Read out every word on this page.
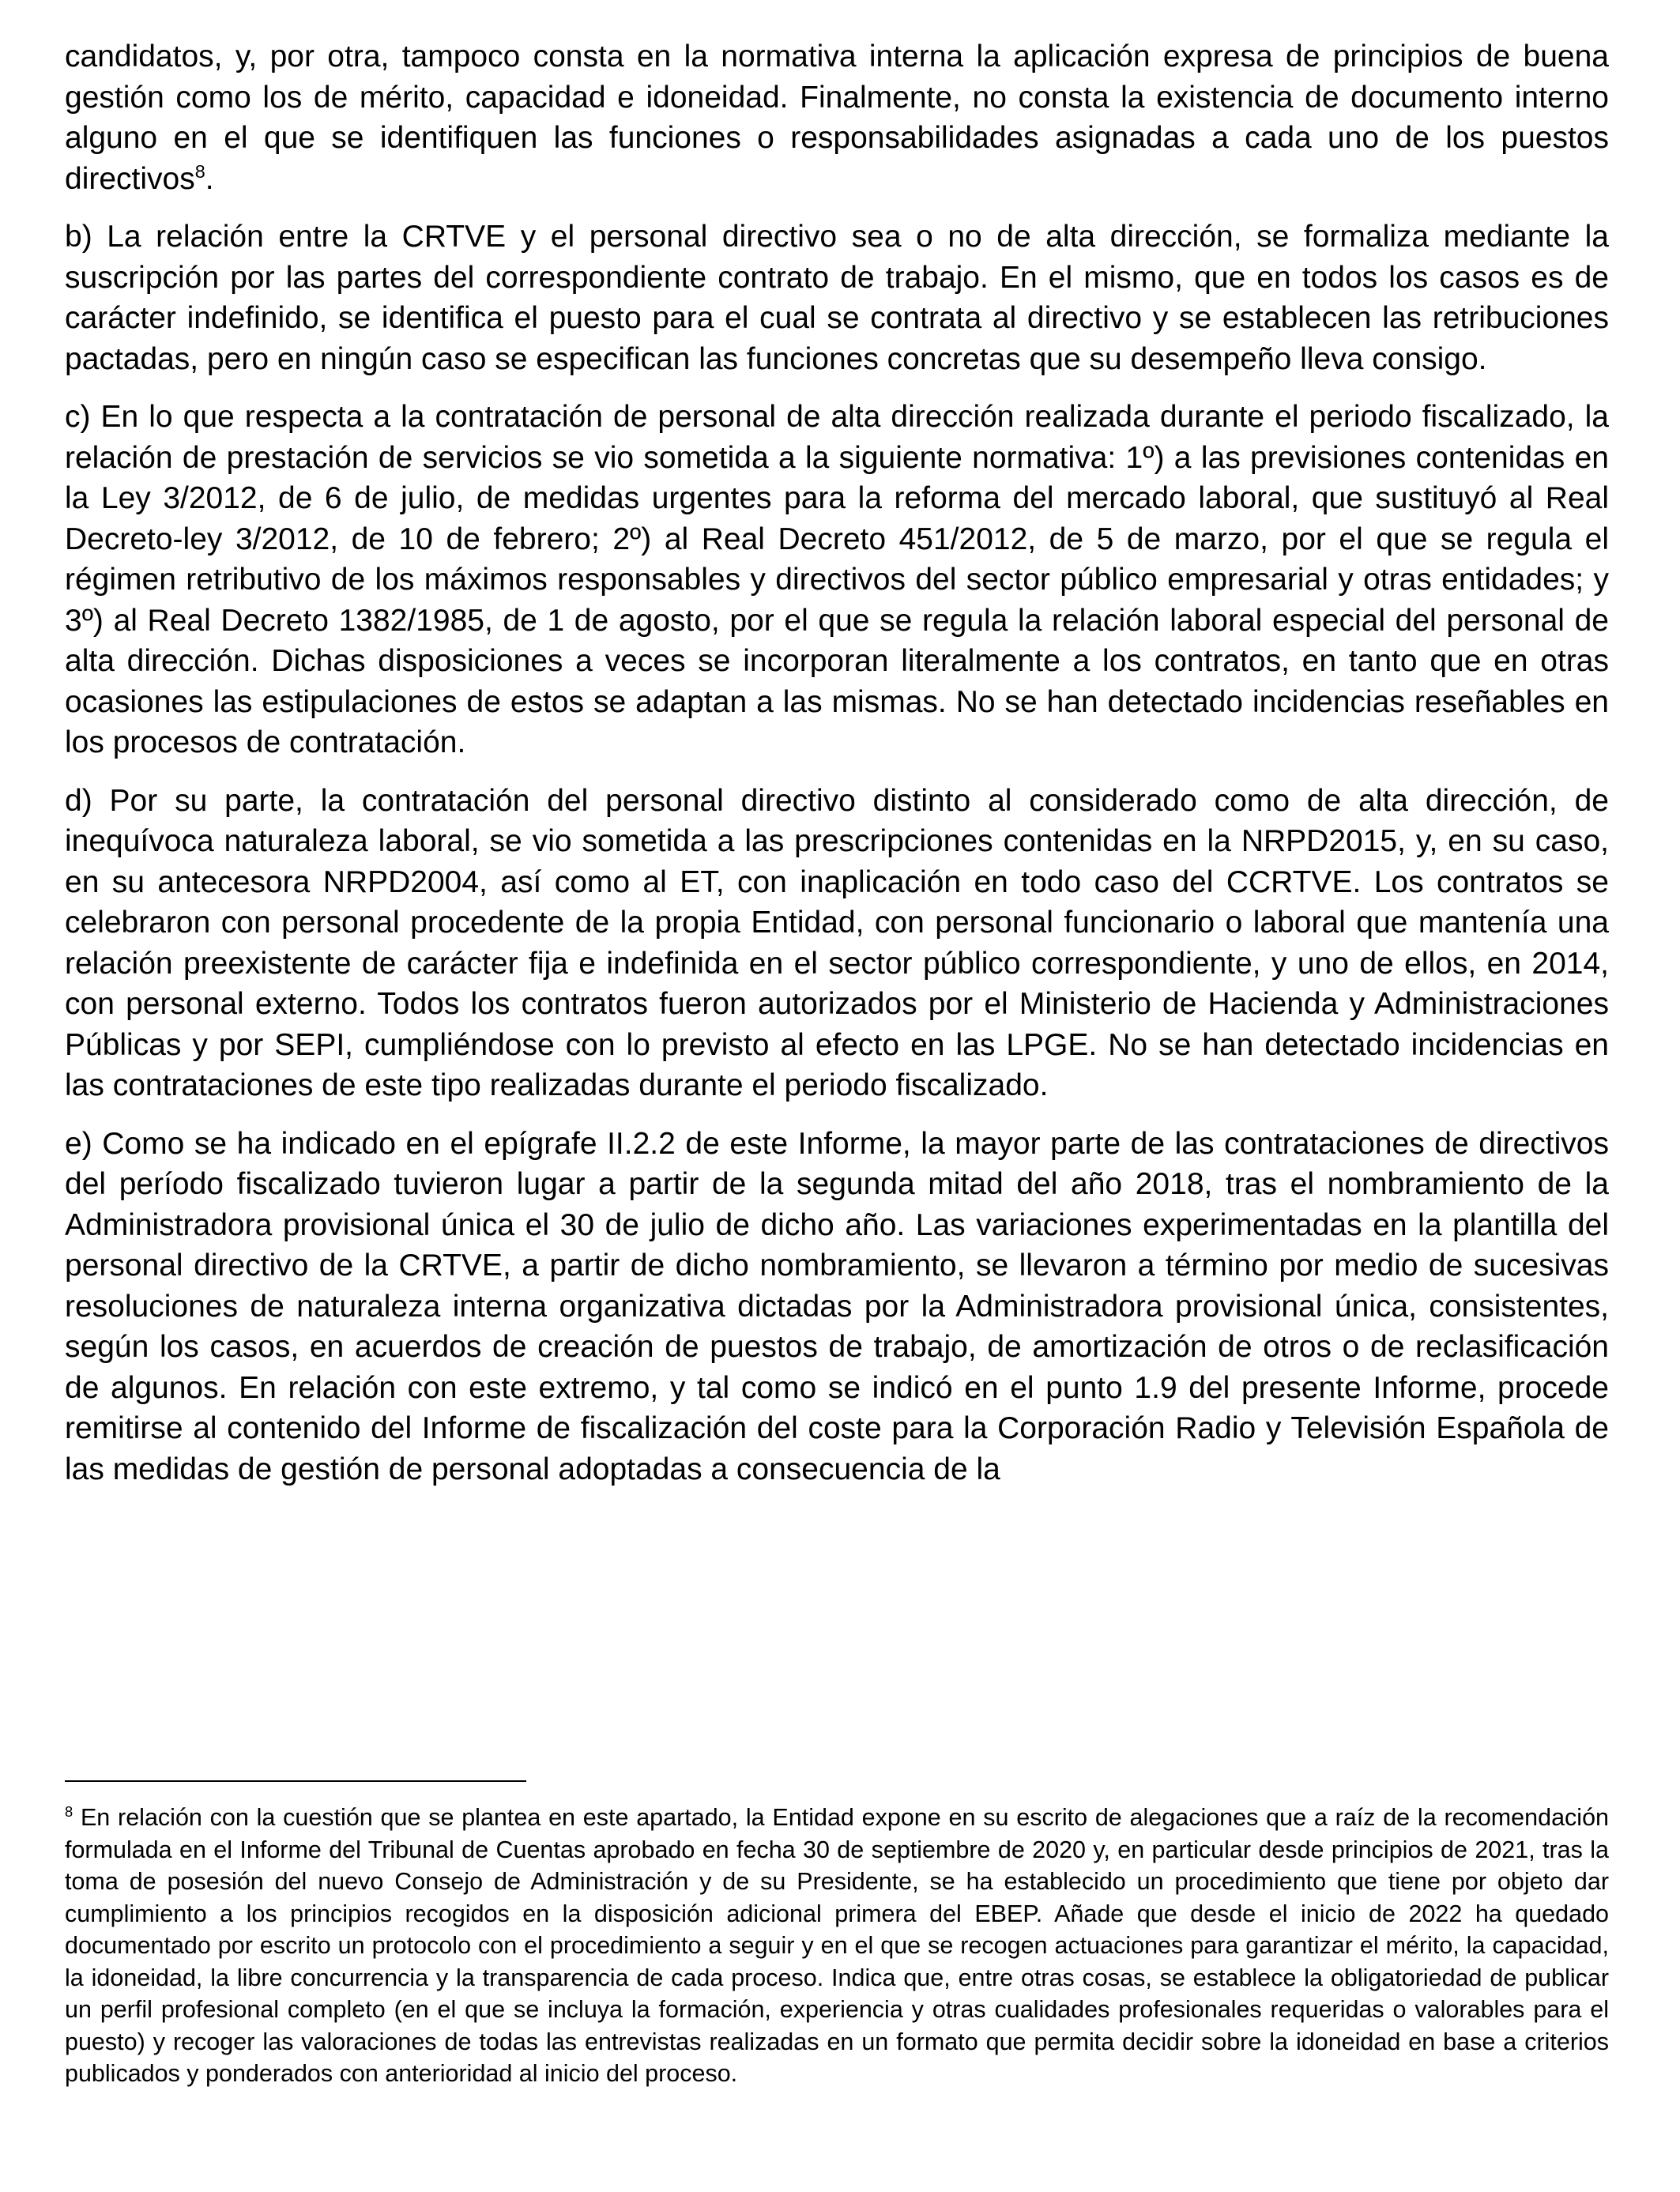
candidatos, y, por otra, tampoco consta en la normativa interna la aplicación expresa de principios de buena gestión como los de mérito, capacidad e idoneidad. Finalmente, no consta la existencia de documento interno alguno en el que se identifiquen las funciones o responsabilidades asignadas a cada uno de los puestos directivos$^8$.

b) La relación entre la CRTVE y el personal directivo sea o no de alta dirección, se formaliza mediante la suscripción por las partes del correspondiente contrato de trabajo. En el mismo, que en todos los casos es de carácter indefinido, se identifica el puesto para el cual se contrata al directivo y se establecen las retribuciones pactadas, pero en ningún caso se especifican las funciones concretas que su desempeño lleva consigo.

c) En lo que respecta a la contratación de personal de alta dirección realizada durante el periodo fiscalizado, la relación de prestación de servicios se vio sometida a la siguiente normativa: 1º) a las previsiones contenidas en la Ley 3/2012, de 6 de julio, de medidas urgentes para la reforma del mercado laboral, que sustituyó al Real Decreto-ley 3/2012, de 10 de febrero; 2º) al Real Decreto 451/2012, de 5 de marzo, por el que se regula el régimen retributivo de los máximos responsables y directivos del sector público empresarial y otras entidades; y 3º) al Real Decreto 1382/1985, de 1 de agosto, por el que se regula la relación laboral especial del personal de alta dirección. Dichas disposiciones a veces se incorporan literalmente a los contratos, en tanto que en otras ocasiones las estipulaciones de estos se adaptan a las mismas. No se han detectado incidencias reseñables en los procesos de contratación.

d) Por su parte, la contratación del personal directivo distinto al considerado como de alta dirección, de inequívoca naturaleza laboral, se vio sometida a las prescripciones contenidas en la NRPD2015, y, en su caso, en su antecesora NRPD2004, así como al ET, con inaplicación en todo caso del CCRTVE. Los contratos se celebraron con personal procedente de la propia Entidad, con personal funcionario o laboral que mantenía una relación preexistente de carácter fija e indefinida en el sector público correspondiente, y uno de ellos, en 2014, con personal externo. Todos los contratos fueron autorizados por el Ministerio de Hacienda y Administraciones Públicas y por SEPI, cumpliéndose con lo previsto al efecto en las LPGE. No se han detectado incidencias en las contrataciones de este tipo realizadas durante el periodo fiscalizado.

e) Como se ha indicado en el epígrafe II.2.2 de este Informe, la mayor parte de las contrataciones de directivos del período fiscalizado tuvieron lugar a partir de la segunda mitad del año 2018, tras el nombramiento de la Administradora provisional única el 30 de julio de dicho año. Las variaciones experimentadas en la plantilla del personal directivo de la CRTVE, a partir de dicho nombramiento, se llevaron a término por medio de sucesivas resoluciones de naturaleza interna organizativa dictadas por la Administradora provisional única, consistentes, según los casos, en acuerdos de creación de puestos de trabajo, de amortización de otros o de reclasificación de algunos. En relación con este extremo, y tal como se indicó en el punto 1.9 del presente Informe, procede remitirse al contenido del Informe de fiscalización del coste para la Corporación Radio y Televisión Española de las medidas de gestión de personal adoptadas a consecuencia de la

$^8$ En relación con la cuestión que se plantea en este apartado, la Entidad expone en su escrito de alegaciones que a raíz de la recomendación formulada en el Informe del Tribunal de Cuentas aprobado en fecha 30 de septiembre de 2020 y, en particular desde principios de 2021, tras la toma de posesión del nuevo Consejo de Administración y de su Presidente, se ha establecido un procedimiento que tiene por objeto dar cumplimiento a los principios recogidos en la disposición adicional primera del EBEP. Añade que desde el inicio de 2022 ha quedado documentado por escrito un protocolo con el procedimiento a seguir y en el que se recogen actuaciones para garantizar el mérito, la capacidad, la idoneidad, la libre concurrencia y la transparencia de cada proceso. Indica que, entre otras cosas, se establece la obligatoriedad de publicar un perfil profesional completo (en el que se incluya la formación, experiencia y otras cualidades profesionales requeridas o valorables para el puesto) y recoger las valoraciones de todas las entrevistas realizadas en un formato que permita decidir sobre la idoneidad en base a criterios publicados y ponderados con anterioridad al inicio del proceso.
